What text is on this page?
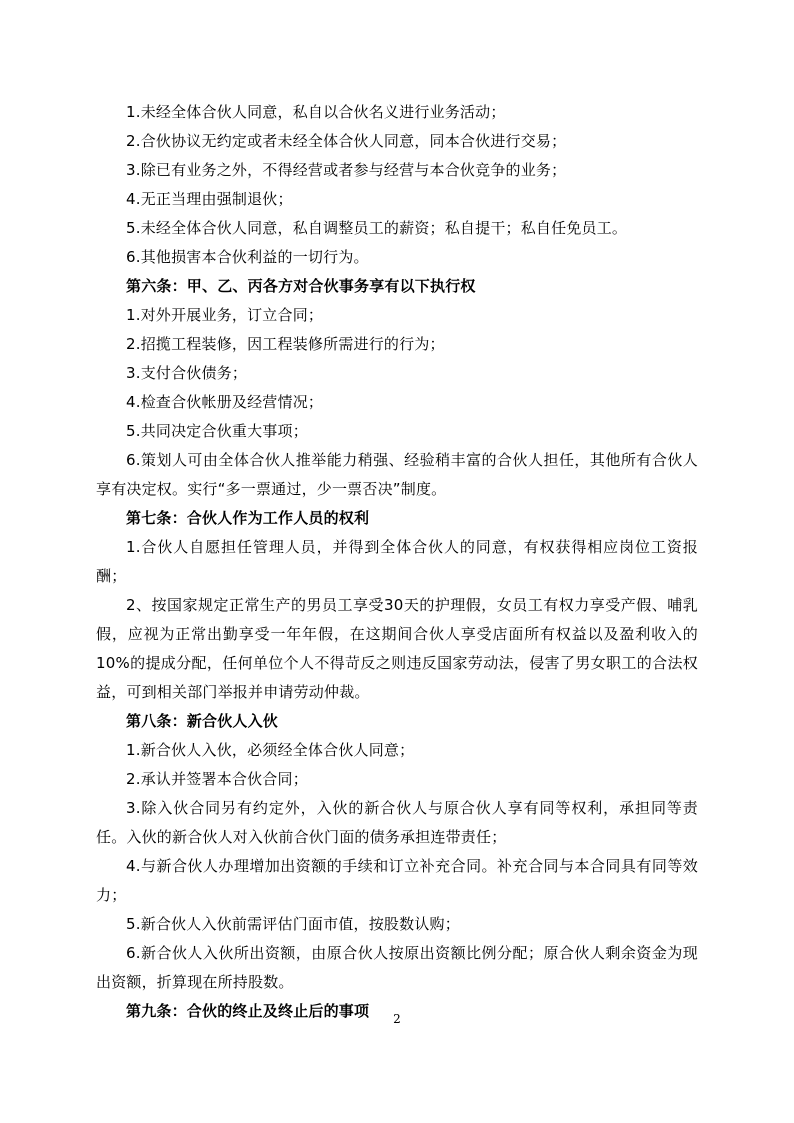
1.未经全体合伙人同意，私自以合伙名义进行业务活动；

2.合伙协议无约定或者未经全体合伙人同意，同本合伙进行交易；

3.除已有业务之外，不得经营或者参与经营与本合伙竞争的业务；

4.无正当理由强制退伙；

5.未经全体合伙人同意，私自调整员工的薪资；私自提干；私自任免员工。

6.其他损害本合伙利益的一切行为。

第六条：甲、乙、丙各方对合伙事务享有以下执行权

1.对外开展业务，订立合同；

2.招揽工程装修，因工程装修所需进行的行为；

3.支付合伙债务；

4.检查合伙帐册及经营情况；

5.共同决定合伙重大事项；

6.策划人可由全体合伙人推举能力稍强、经验稍丰富的合伙人担任，其他所有合伙人享有决定权。实行“多一票通过，少一票否决”制度。

第七条：合伙人作为工作人员的权利

1.合伙人自愿担任管理人员，并得到全体合伙人的同意，有权获得相应岗位工资报酬；

2、按国家规定正常生产的男员工享受30天的护理假，女员工有权力享受产假、哺乳假，应视为正常出勤享受一年年假，在这期间合伙人享受店面所有权益以及盈利收入的10%的提成分配，任何单位个人不得苛反之则违反国家劳动法，侵害了男女职工的合法权益，可到相关部门举报并申请劳动仲裁。

第八条：新合伙人入伙

1.新合伙人入伙，必须经全体合伙人同意；

2.承认并签署本合伙合同；

3.除入伙合同另有约定外，入伙的新合伙人与原合伙人享有同等权利，承担同等责任。入伙的新合伙人对入伙前合伙门面的债务承担连带责任；

4.与新合伙人办理增加出资额的手续和订立补充合同。补充合同与本合同具有同等效力；

5.新合伙人入伙前需评估门面市值，按股数认购；

6.新合伙人入伙所出资额，由原合伙人按原出资额比例分配；原合伙人剩余资金为现出资额，折算现在所持股数。

第九条：合伙的终止及终止后的事项	2
